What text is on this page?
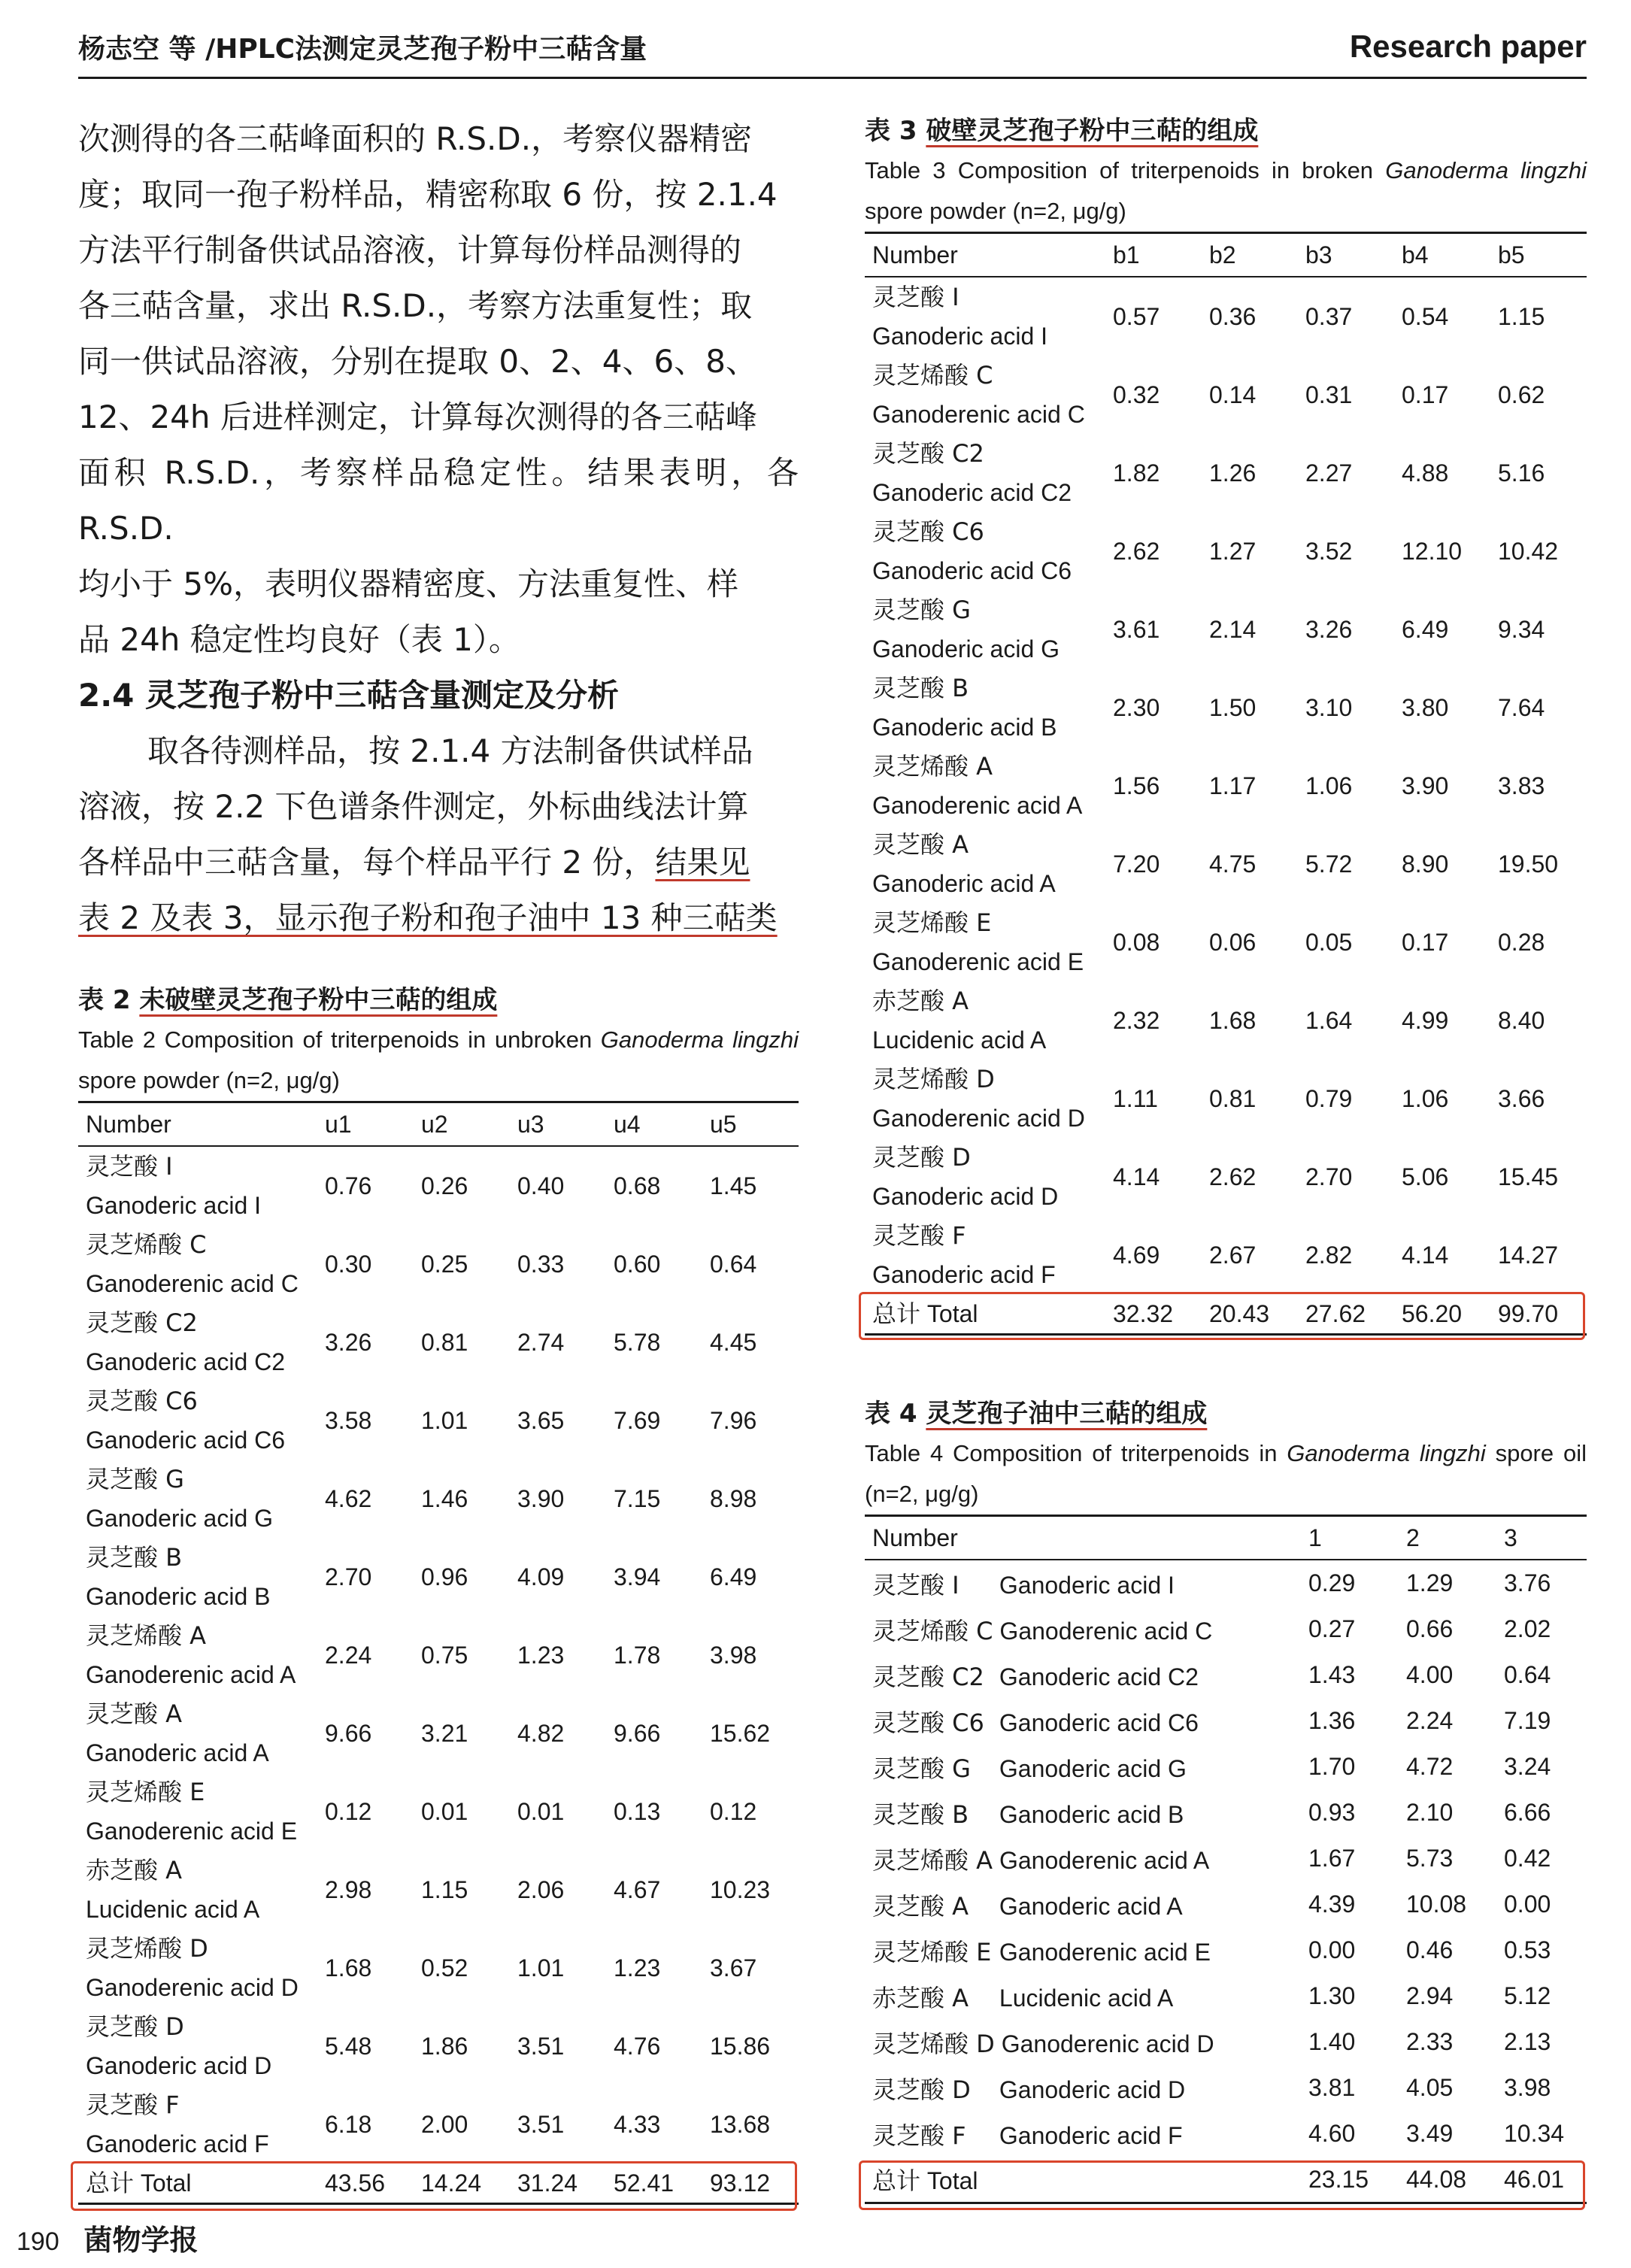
杨志空 等 /HPLC法测定灵芝孢子粉中三萜含量	Research paper
次测得的各三萜峰面积的 R.S.D.，考察仪器精密
度；取同一孢子粉样品，精密称取 6 份，按 2.1.4
方法平行制备供试品溶液，计算每份样品测得的
各三萜含量，求出 R.S.D.，考察方法重复性；取
同一供试品溶液，分别在提取 0、2、4、6、8、
12、24h 后进样测定，计算每次测得的各三萜峰
面积 R.S.D.，考察样品稳定性。结果表明，各 R.S.D.
均小于 5%，表明仪器精密度、方法重复性、样
品 24h 稳定性均良好（表 1）。
2.4 灵芝孢子粉中三萜含量测定及分析
取各待测样品，按 2.1.4 方法制备供试样品
溶液，按 2.2 下色谱条件测定，外标曲线法计算
各样品中三萜含量，每个样品平行 2 份，结果见
表 2 及表 3，显示孢子粉和孢子油中 13 种三萜类

表 2 未破壁灵芝孢子粉中三萜的组成

Table 2 Composition of triterpenoids in unbroken Ganoderma lingzhi spore powder (n=2, μg/g)

Number	u1	u2	u3	u4	u5

灵芝酸 I
Ganoderic acid I	0.76	0.26	0.40	0.68	1.45

灵芝烯酸 C
Ganoderenic acid C	0.30	0.25	0.33	0.60	0.64

灵芝酸 C2
Ganoderic acid C2	3.26	0.81	2.74	5.78	4.45

灵芝酸 C6
Ganoderic acid C6	3.58	1.01	3.65	7.69	7.96

灵芝酸 G
Ganoderic acid G	4.62	1.46	3.90	7.15	8.98

灵芝酸 B
Ganoderic acid B	2.70	0.96	4.09	3.94	6.49

灵芝烯酸 A
Ganoderenic acid A	2.24	0.75	1.23	1.78	3.98

灵芝酸 A
Ganoderic acid A	9.66	3.21	4.82	9.66	15.62

灵芝烯酸 E
Ganoderenic acid E	0.12	0.01	0.01	0.13	0.12

赤芝酸 A
Lucidenic acid A	2.98	1.15	2.06	4.67	10.23

灵芝烯酸 D
Ganoderenic acid D	1.68	0.52	1.01	1.23	3.67

灵芝酸 D
Ganoderic acid D	5.48	1.86	3.51	4.76	15.86

灵芝酸 F
Ganoderic acid F	6.18	2.00	3.51	4.33	13.68
总计 Total	43.56	14.24	31.24	52.41	93.12

表 3 破壁灵芝孢子粉中三萜的组成

Table 3 Composition of triterpenoids in broken Ganoderma lingzhi spore powder (n=2, μg/g)

Number	b1	b2	b3	b4	b5

灵芝酸 I
Ganoderic acid I	0.57	0.36	0.37	0.54	1.15

灵芝烯酸 C
Ganoderenic acid C	0.32	0.14	0.31	0.17	0.62

灵芝酸 C2
Ganoderic acid C2	1.82	1.26	2.27	4.88	5.16

灵芝酸 C6
Ganoderic acid C6	2.62	1.27	3.52	12.10	10.42

灵芝酸 G
Ganoderic acid G	3.61	2.14	3.26	6.49	9.34

灵芝酸 B
Ganoderic acid B	2.30	1.50	3.10	3.80	7.64

灵芝烯酸 A
Ganoderenic acid A	1.56	1.17	1.06	3.90	3.83

灵芝酸 A
Ganoderic acid A	7.20	4.75	5.72	8.90	19.50

灵芝烯酸 E
Ganoderenic acid E	0.08	0.06	0.05	0.17	0.28

赤芝酸 A
Lucidenic acid A	2.32	1.68	1.64	4.99	8.40

灵芝烯酸 D
Ganoderenic acid D	1.11	0.81	0.79	1.06	3.66

灵芝酸 D
Ganoderic acid D	4.14	2.62	2.70	5.06	15.45

灵芝酸 F
Ganoderic acid F	4.69	2.67	2.82	4.14	14.27
总计 Total	32.32	20.43	27.62	56.20	99.70

表 4 灵芝孢子油中三萜的组成

Table 4 Composition of triterpenoids in Ganoderma lingzhi spore oil (n=2, μg/g)

Number	1	2	3
灵芝酸 I Ganoderic acid I	0.29	1.29	3.76
灵芝烯酸 C Ganoderenic acid C	0.27	0.66	2.02
灵芝酸 C2 Ganoderic acid C2	1.43	4.00	0.64
灵芝酸 C6 Ganoderic acid C6	1.36	2.24	7.19
灵芝酸 G Ganoderic acid G	1.70	4.72	3.24
灵芝酸 B Ganoderic acid B	0.93	2.10	6.66
灵芝烯酸 A Ganoderenic acid A	1.67	5.73	0.42
灵芝酸 A Ganoderic acid A	4.39	10.08	0.00
灵芝烯酸 E Ganoderenic acid E	0.00	0.46	0.53
赤芝酸 A Lucidenic acid A	1.30	2.94	5.12
灵芝烯酸 D Ganoderenic acid D	1.40	2.33	2.13
灵芝酸 D Ganoderic acid D	3.81	4.05	3.98
灵芝酸 F Ganoderic acid F	4.60	3.49	10.34
总计 Total	23.15	44.08	46.01
190 菌物学报
